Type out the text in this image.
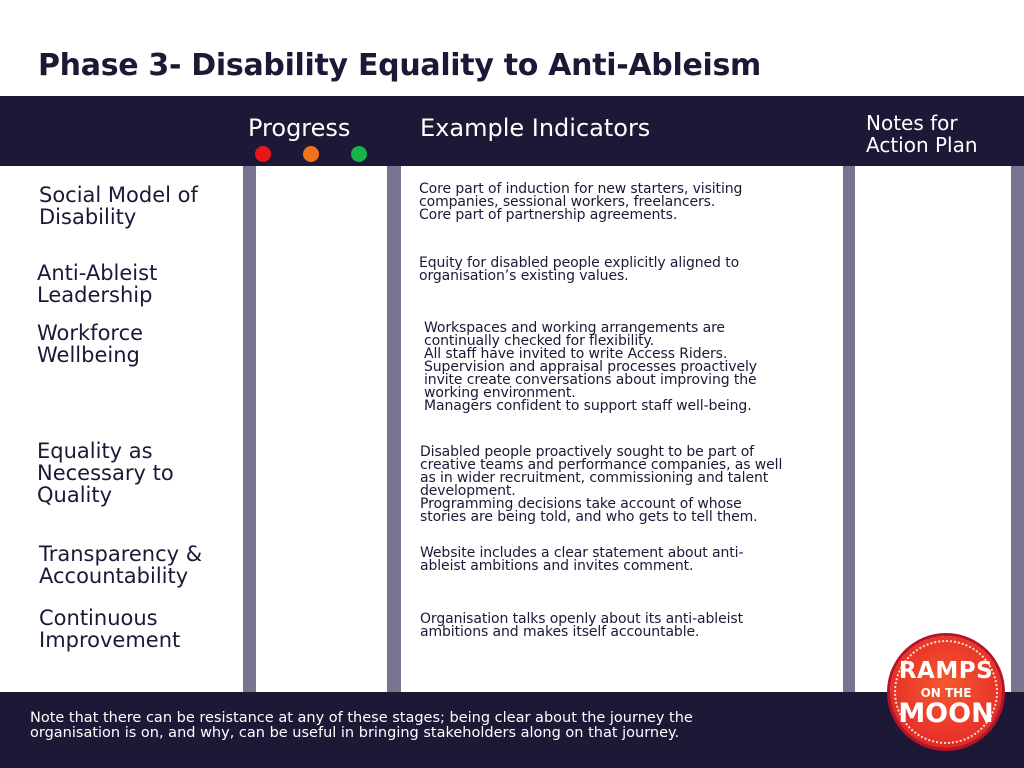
Phase 3- Disability Equality to Anti-Ableism
Progress	Example Indicators	Notes for
Action Plan
Social Model of
Disability
Core part of induction for new starters, visiting
companies, sessional workers, freelancers.
Core part of partnership agreements.
Anti-Ableist
Leadership
Equity for disabled people explicitly aligned to
organisation’s existing values.
Workforce
Wellbeing
Workspaces and working arrangements are
continually checked for flexibility.
All staff have invited to write Access Riders.
Supervision and appraisal processes proactively
invite create conversations about improving the
working environment.
Managers confident to support staff well-being.
Equality as
Necessary to
Quality
Disabled people proactively sought to be part of
creative teams and performance companies, as well
as in wider recruitment, commissioning and talent
development.
Programming decisions take account of whose
stories are being told, and who gets to tell them.
Transparency &
Accountability
Website includes a clear statement about anti-
ableist ambitions and invites comment.
Continuous
Improvement
Organisation talks openly about its anti-ableist
ambitions and makes itself accountable.
Note that there can be resistance at any of these stages; being clear about the journey the
organisation is on, and why, can be useful in bringing stakeholders along on that journey.
RAMPS
ON THE
MOON
